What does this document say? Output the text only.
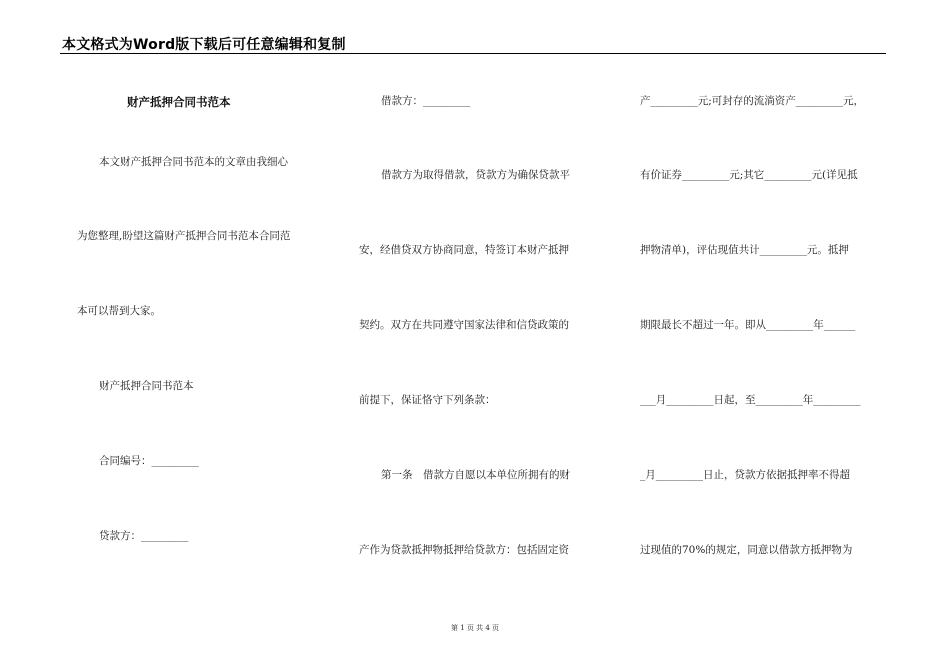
本文格式为Word版下载后可任意编辑和复制
财产抵押合同书范本
本文财产抵押合同书范本的文章由我细心
为您整理,盼望这篇财产抵押合同书范本合同范
本可以帮到大家。
财产抵押合同书范本
合同编号：_________
贷款方：_________
借款方：_________
借款方为取得借款，贷款方为确保贷款平
安，经借贷双方协商同意，特签订本财产抵押
契约。双方在共同遵守国家法律和信贷政策的
前提下，保证恪守下列条款：
第一条　借款方自愿以本单位所拥有的财
产作为贷款抵押物抵押给贷款方：包括固定资
产_________元;可封存的流淌资产_________元，
有价证券_________元;其它_________元(详见抵
押物清单)，评估现值共计_________元。抵押
期限最长不超过一年。即从_________年______
___月_________日起，至_________年_________
_月_________日止，贷款方依据抵押率不得超
过现值的70%的规定，同意以借款方抵押物为
第 1 页 共 4 页
